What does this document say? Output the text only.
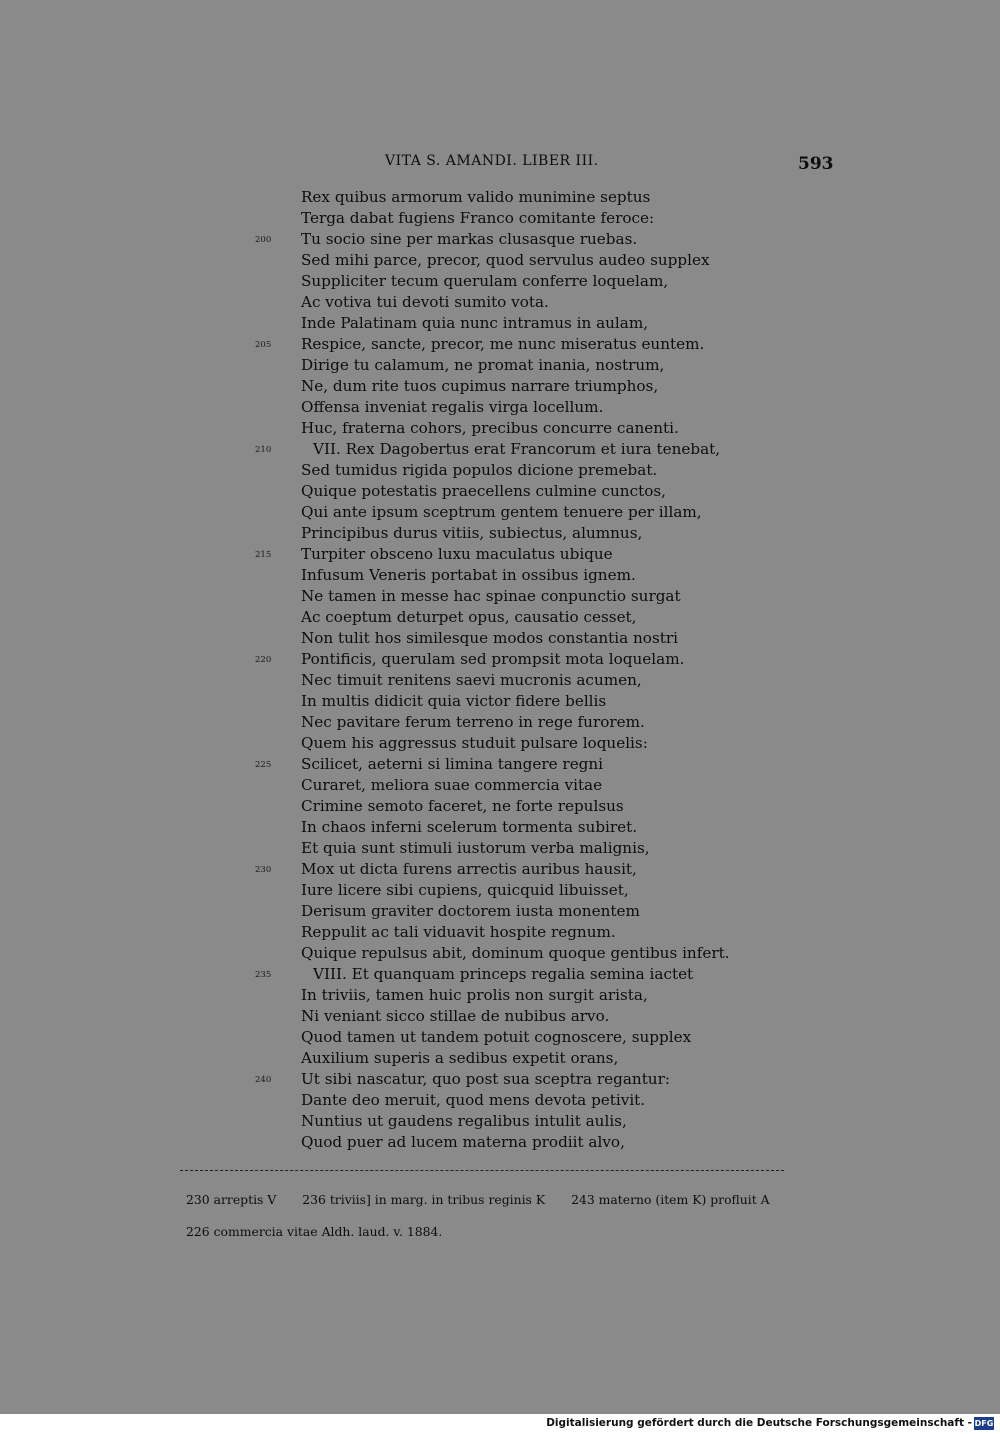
VITA S. AMANDI. LIBER III.	593
Rex quibus armorum valido munimine septus
Terga dabat fugiens Franco comitante feroce:
200	Tu socio sine per markas clusasque ruebas.
Sed mihi parce, precor, quod servulus audeo supplex
Suppliciter tecum querulam conferre loquelam,
Ac votiva tui devoti sumito vota.
Inde Palatinam quia nunc intramus in aulam,
205	Respice, sancte, precor, me nunc miseratus euntem.
Dirige tu calamum, ne promat inania, nostrum,
Ne, dum rite tuos cupimus narrare triumphos,
Offensa inveniat regalis virga locellum.
Huc, fraterna cohors, precibus concurre canenti.
210	VII. Rex Dagobertus erat Francorum et iura tenebat,
Sed tumidus rigida populos dicione premebat.
Quique potestatis praecellens culmine cunctos,
Qui ante ipsum sceptrum gentem tenuere per illam,
Principibus durus vitiis, subiectus, alumnus,
215	Turpiter obsceno luxu maculatus ubique
Infusum Veneris portabat in ossibus ignem.
Ne tamen in messe hac spinae conpunctio surgat
Ac coeptum deturpet opus, causatio cesset,
Non tulit hos similesque modos constantia nostri
220	Pontificis, querulam sed prompsit mota loquelam.
Nec timuit renitens saevi mucronis acumen,
In multis didicit quia victor fidere bellis
Nec pavitare ferum terreno in rege furorem.
Quem his aggressus studuit pulsare loquelis:
225	Scilicet, aeterni si limina tangere regni
Curaret, meliora suae commercia vitae
Crimine semoto faceret, ne forte repulsus
In chaos inferni scelerum tormenta subiret.
Et quia sunt stimuli iustorum verba malignis,
230	Mox ut dicta furens arrectis auribus hausit,
Iure licere sibi cupiens, quicquid libuisset,
Derisum graviter doctorem iusta monentem
Reppulit ac tali viduavit hospite regnum.
Quique repulsus abit, dominum quoque gentibus infert.
235	VIII. Et quanquam princeps regalia semina iactet
In triviis, tamen huic prolis non surgit arista,
Ni veniant sicco stillae de nubibus arvo.
Quod tamen ut tandem potuit cognoscere, supplex
Auxilium superis a sedibus expetit orans,
240	Ut sibi nascatur, quo post sua sceptra regantur:
Dante deo meruit, quod mens devota petivit.
Nuntius ut gaudens regalibus intulit aulis,
Quod puer ad lucem materna prodiit alvo,
230 arreptis V 236 triviis] in marg. in tribus reginis K 243 materno (item K) profluit A
226 commercia vitae Aldh. laud. v. 1884.
Digitalisierung gefördert durch die Deutsche Forschungsgemeinschaft - DFG
